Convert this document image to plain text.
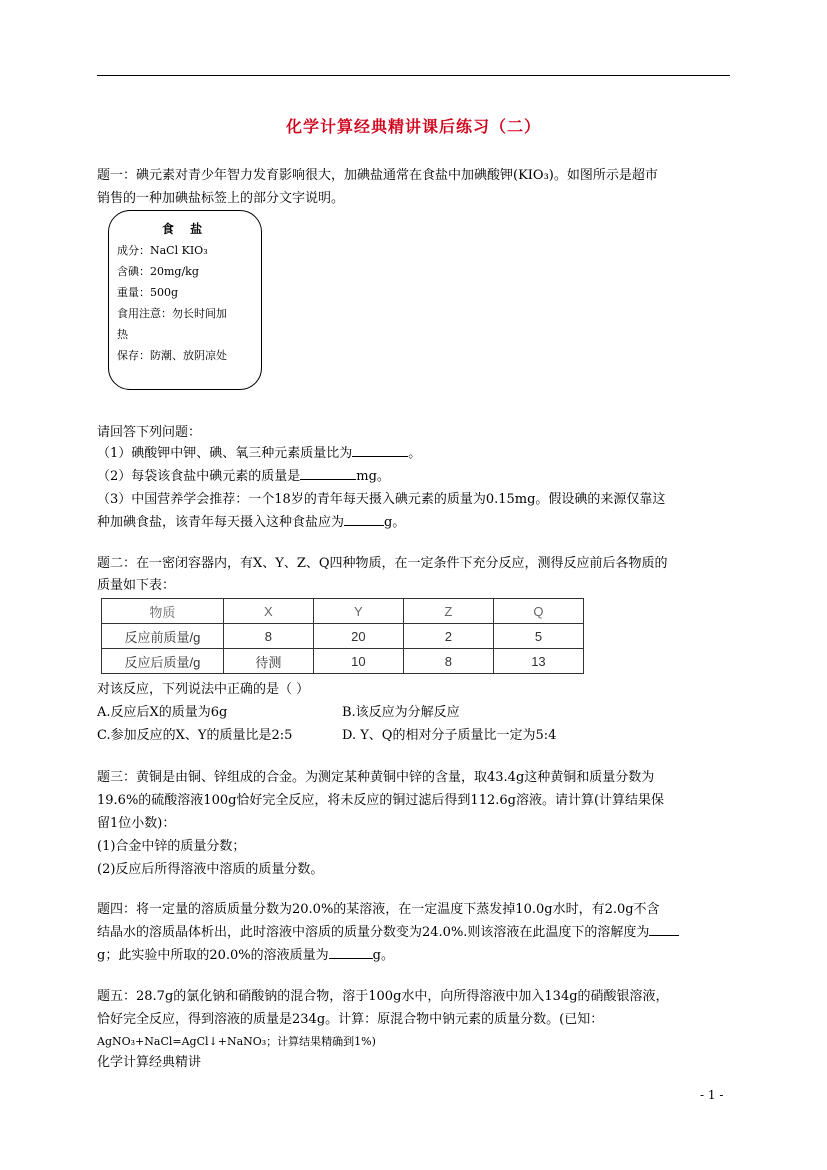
化学计算经典精讲课后练习（二）
题一：碘元素对青少年智力发育影响很大，加碘盐通常在食盐中加碘酸钾(KIO₃)。如图所示是超市
销售的一种加碘盐标签上的部分文字说明。
食 盐
成分：NaCl KIO₃
含碘：20mg/kg
重量：500g
食用注意：勿长时间加
热
保存：防潮、放阴凉处
请回答下列问题：
（1）碘酸钾中钾、碘、氧三种元素质量比为	。
（2）每袋该食盐中碘元素的质量是	mg。
（3）中国营养学会推荐：一个18岁的青年每天摄入碘元素的质量为0.15mg。假设碘的来源仅靠这
种加碘食盐，该青年每天摄入这种食盐应为	g。
题二：在一密闭容器内，有X、Y、Z、Q四种物质，在一定条件下充分反应，测得反应前后各物质的
质量如下表：
物质	X	Y	Z	Q
反应前质量/g	8	20	2	5
反应后质量/g	待测	10	8	13
对该反应，下列说法中正确的是（ ）
A.反应后X的质量为6g	B.该反应为分解反应
C.参加反应的X、Y的质量比是2:5	D. Y、Q的相对分子质量比一定为5:4
题三：黄铜是由铜、锌组成的合金。为测定某种黄铜中锌的含量，取43.4g这种黄铜和质量分数为
19.6%的硫酸溶液100g恰好完全反应，将未反应的铜过滤后得到112.6g溶液。请计算(计算结果保
留1位小数)：
(1)合金中锌的质量分数；
(2)反应后所得溶液中溶质的质量分数。
题四：将一定量的溶质质量分数为20.0%的某溶液，在一定温度下蒸发掉10.0g水时，有2.0g不含
结晶水的溶质晶体析出，此时溶液中溶质的质量分数变为24.0%.则该溶液在此温度下的溶解度为
g；此实验中所取的20.0%的溶液质量为	g。
题五：28.7g的氯化钠和硝酸钠的混合物，溶于100g水中，向所得溶液中加入134g的硝酸银溶液，
恰好完全反应，得到溶液的质量是234g。计算：原混合物中钠元素的质量分数。(已知：
AgNO₃+NaCl=AgCl↓+NaNO₃；计算结果精确到1%)
化学计算经典精讲
- 1 -
